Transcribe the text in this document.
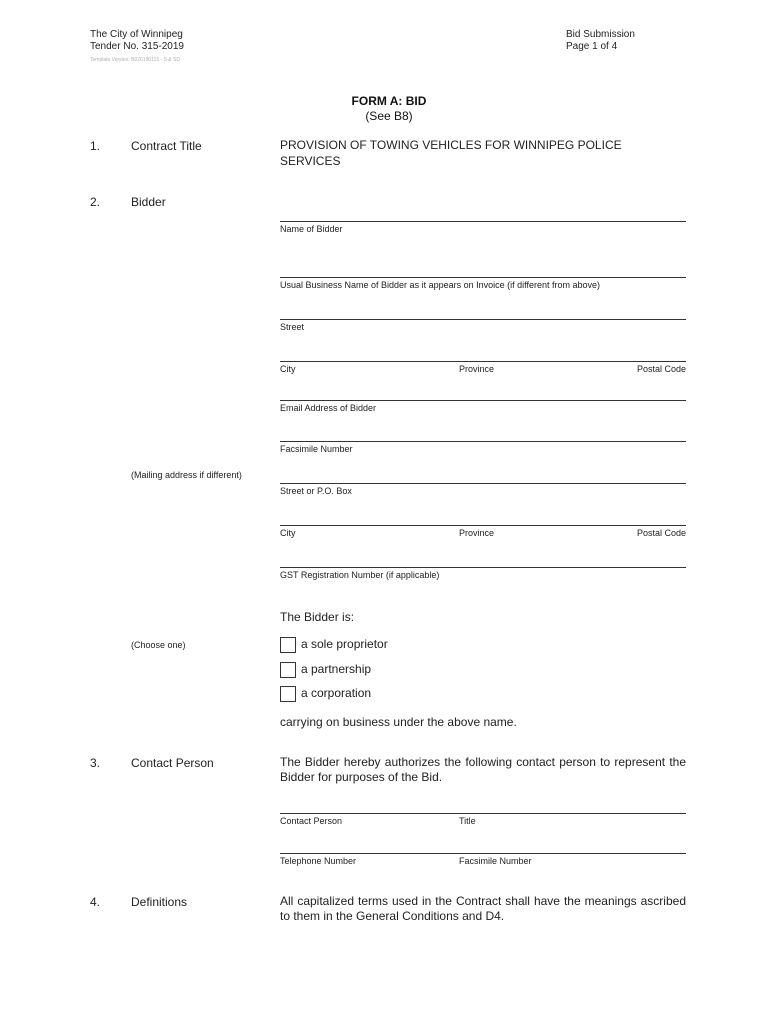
The City of Winnipeg
Tender No. 315-2019
Template Version: B020190115 - S & SD
Bid Submission
Page 1 of 4
FORM A: BID
(See B8)
1.	Contract Title	PROVISION OF TOWING VEHICLES FOR WINNIPEG POLICE
SERVICES
2.	Bidder
Name of Bidder
Usual Business Name of Bidder as it appears on Invoice (if different from above)
Street
City	Province	Postal Code
Email Address of Bidder
Facsimile Number
(Mailing address if different)
Street or P.O. Box
City	Province	Postal Code
GST Registration Number (if applicable)
The Bidder is:
(Choose one)	a sole proprietor
a partnership
a corporation
carrying on business under the above name.
3.	Contact Person	The Bidder hereby authorizes the following contact person to represent the Bidder for purposes of the Bid.
Contact Person	Title
Telephone Number	Facsimile Number
4.	Definitions	All capitalized terms used in the Contract shall have the meanings ascribed to them in the General Conditions and D4.
